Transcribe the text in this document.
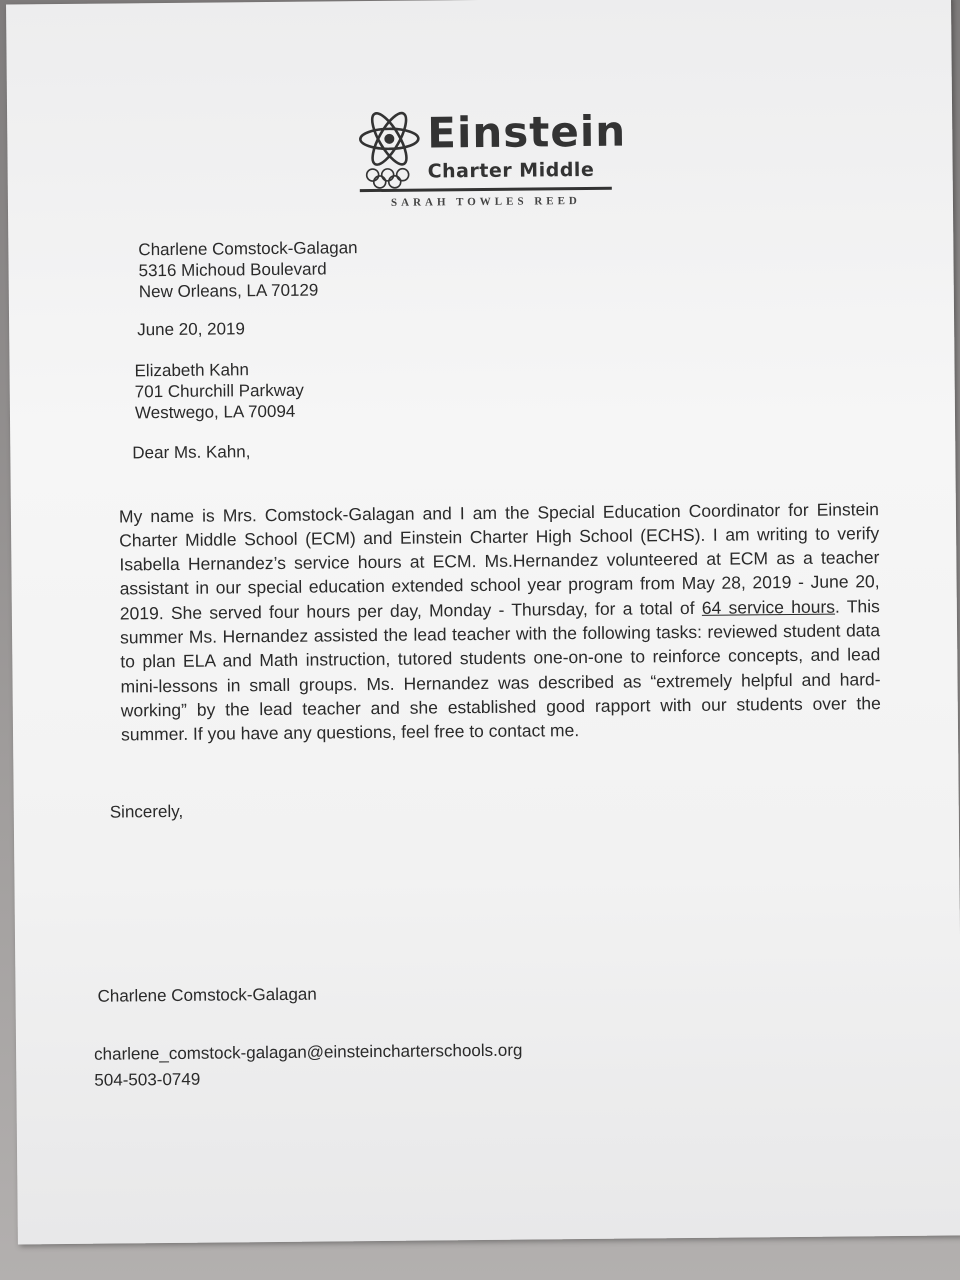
Einstein
Charter Middle
SARAH TOWLES REED
Charlene Comstock-Galagan
5316 Michoud Boulevard
New Orleans, LA 70129
June 20, 2019
Elizabeth Kahn
701 Churchill Parkway
Westwego, LA 70094
Dear Ms. Kahn,

My name is Mrs. Comstock-Galagan and I am the Special Education Coordinator for Einstein Charter Middle School (ECM) and Einstein Charter High School (ECHS). I am writing to verify Isabella Hernandez’s service hours at ECM. Ms.Hernandez volunteered at ECM as a teacher assistant in our special education extended school year program from May 28, 2019 - June 20, 2019. She served four hours per day, Monday - Thursday, for a total of 64 service hours. This summer Ms. Hernandez assisted the lead teacher with the following tasks: reviewed student data to plan ELA and Math instruction, tutored students one-on-one to reinforce concepts, and lead mini-lessons in small groups. Ms. Hernandez was described as “extremely helpful and hard-working” by the lead teacher and she established good rapport with our students over the summer. If you have any questions, feel free to contact me.

Sincerely,
Charlene Comstock-Galagan
charlene_comstock-galagan@einsteincharterschools.org
504-503-0749
